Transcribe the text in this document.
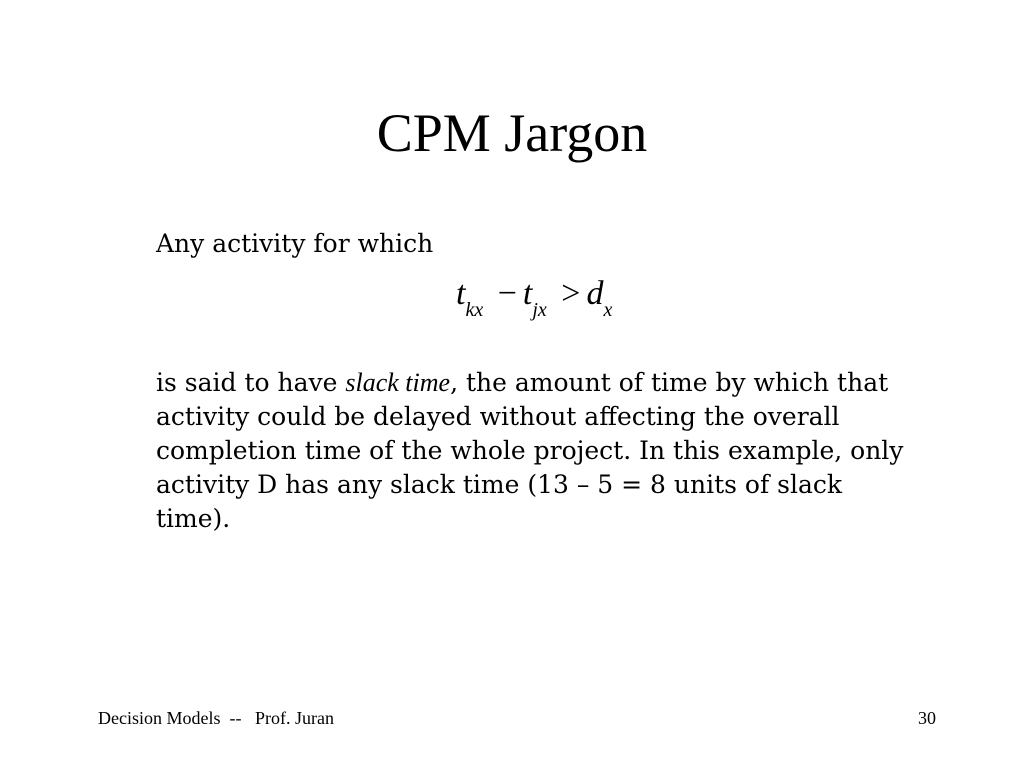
CPM Jargon
Any activity for which
$t_{kx} - t_{jx} > d_x$
is said to have slack time, the amount of time by which that activity could be delayed without affecting the overall completion time of the whole project. In this example, only activity D has any slack time (13 – 5 = 8 units of slack time).
Decision Models  --   Prof. Juran	30
